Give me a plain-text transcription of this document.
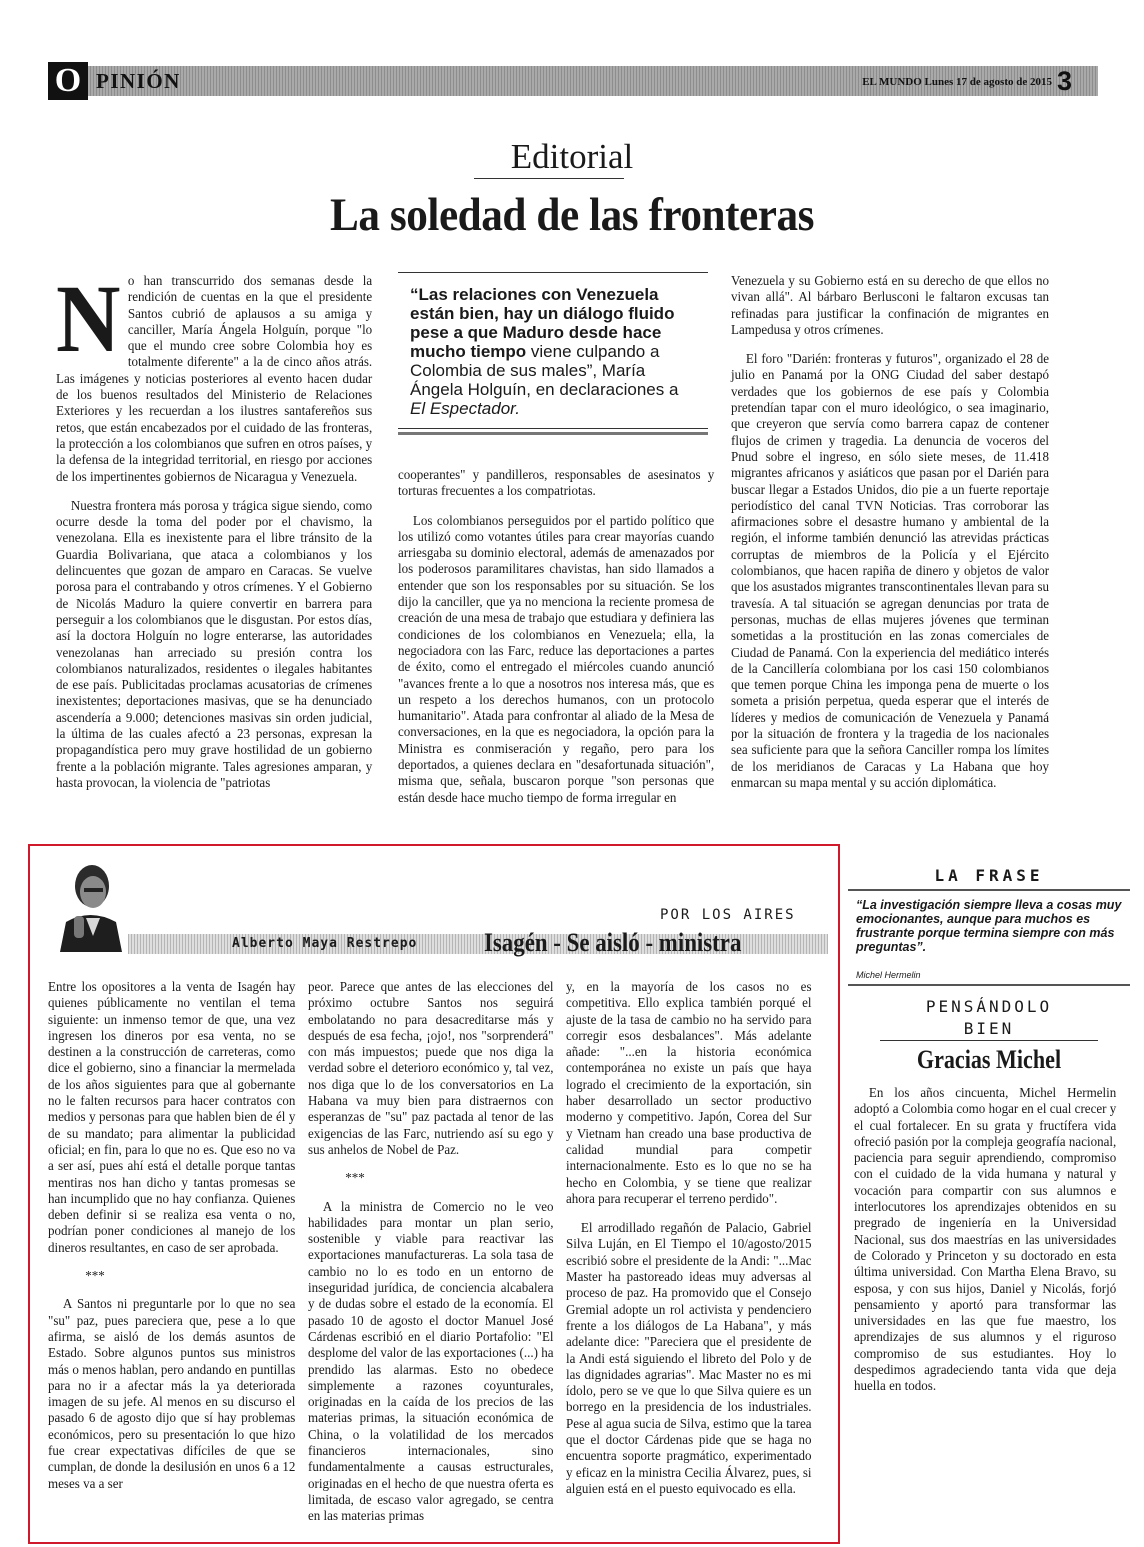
O PINIÓN	EL MUNDO Lunes 17 de agosto de 2015 3
Editorial
La soledad de las fronteras

No han transcurrido dos semanas desde la rendición de cuentas en la que el presidente Santos cubrió de aplausos a su amiga y canciller, María Ángela Holguín, porque "lo que el mundo cree sobre Colombia hoy es totalmente diferente" a la de cinco años atrás. Las imágenes y noticias posteriores al evento hacen dudar de los buenos resultados del Ministerio de Relaciones Exteriores y les recuerdan a los ilustres santafereños sus retos, que están encabezados por el cuidado de las fronteras, la protección a los colombianos que sufren en otros países, y la defensa de la integridad territorial, en riesgo por acciones de los impertinentes gobiernos de Nicaragua y Venezuela.

Nuestra frontera más porosa y trágica sigue siendo, como ocurre desde la toma del poder por el chavismo, la venezolana. Ella es inexistente para el libre tránsito de la Guardia Bolivariana, que ataca a colombianos y los delincuentes que gozan de amparo en Caracas. Se vuelve porosa para el contrabando y otros crímenes. Y el Gobierno de Nicolás Maduro la quiere convertir en barrera para perseguir a los colombianos que le disgustan. Por estos días, así la doctora Holguín no logre enterarse, las autoridades venezolanas han arreciado su presión contra los colombianos naturalizados, residentes o ilegales habitantes de ese país. Publicitadas proclamas acusatorias de crímenes inexistentes; deportaciones masivas, que se ha denunciado ascendería a 9.000; detenciones masivas sin orden judicial, la última de las cuales afectó a 23 personas, expresan la propagandística pero muy grave hostilidad de un gobierno frente a la población migrante. Tales agresiones amparan, y hasta provocan, la violencia de "patriotas

“Las relaciones con Venezuela están bien, hay un diálogo fluido pese a que Maduro desde hace mucho tiempo viene culpando a Colombia de sus males”, María Ángela Holguín, en declaraciones a El Espectador.

cooperantes" y pandilleros, responsables de asesinatos y torturas frecuentes a los compatriotas.

Los colombianos perseguidos por el partido político que los utilizó como votantes útiles para crear mayorías cuando arriesgaba su dominio electoral, además de amenazados por los poderosos paramilitares chavistas, han sido llamados a entender que son los responsables por su situación. Se los dijo la canciller, que ya no menciona la reciente promesa de creación de una mesa de trabajo que estudiara y definiera las condiciones de los colombianos en Venezuela; ella, la negociadora con las Farc, reduce las deportaciones a partes de éxito, como el entregado el miércoles cuando anunció "avances frente a lo que a nosotros nos interesa más, que es un respeto a los derechos humanos, con un protocolo humanitario". Atada para confrontar al aliado de la Mesa de conversaciones, en la que es negociadora, la opción para la Ministra es conmiseración y regaño, pero para los deportados, a quienes declara en "desafortunada situación", misma que, señala, buscaron porque "son personas que están desde hace mucho tiempo de forma irregular en

Venezuela y su Gobierno está en su derecho de que ellos no vivan allá". Al bárbaro Berlusconi le faltaron excusas tan refinadas para justificar la confinación de migrantes en Lampedusa y otros crímenes.

El foro "Darién: fronteras y futuros", organizado el 28 de julio en Panamá por la ONG Ciudad del saber destapó verdades que los gobiernos de ese país y Colombia pretendían tapar con el muro ideológico, o sea imaginario, que creyeron que servía como barrera capaz de contener flujos de crimen y tragedia. La denuncia de voceros del Pnud sobre el ingreso, en sólo siete meses, de 11.418 migrantes africanos y asiáticos que pasan por el Darién para buscar llegar a Estados Unidos, dio pie a un fuerte reportaje periodístico del canal TVN Noticias. Tras corroborar las afirmaciones sobre el desastre humano y ambiental de la región, el informe también denunció las atrevidas prácticas corruptas de miembros de la Policía y el Ejército colombianos, que hacen rapiña de dinero y objetos de valor que los asustados migrantes transcontinentales llevan para su travesía. A tal situación se agregan denuncias por trata de personas, muchas de ellas mujeres jóvenes que terminan sometidas a la prostitución en las zonas comerciales de Ciudad de Panamá. Con la experiencia del mediático interés de la Cancillería colombiana por los casi 150 colombianos que temen porque China les imponga pena de muerte o los someta a prisión perpetua, queda esperar que el interés de líderes y medios de comunicación de Venezuela y Panamá por la situación de frontera y la tragedia de los nacionales sea suficiente para que la señora Canciller rompa los límites de los meridianos de Caracas y La Habana que hoy enmarcan su mapa mental y su acción diplomática.

POR LOS AIRES
Alberto Maya Restrepo	Isagén - Se aisló - ministra

Entre los opositores a la venta de Isagén hay quienes públicamente no ventilan el tema siguiente: un inmenso temor de que, una vez ingresen los dineros por esa venta, no se destinen a la construcción de carreteras, como dice el gobierno, sino a financiar la mermelada de los años siguientes para que al gobernante no le falten recursos para hacer contratos con medios y personas para que hablen bien de él y de su mandato; para alimentar la publicidad oficial; en fin, para lo que no es. Que eso no va a ser así, pues ahí está el detalle porque tantas mentiras nos han dicho y tantas promesas se han incumplido que no hay confianza. Quienes deben definir si se realiza esa venta o no, podrían poner condiciones al manejo de los dineros resultantes, en caso de ser aprobada.

***

A Santos ni preguntarle por lo que no sea "su" paz, pues pareciera que, pese a lo que afirma, se aisló de los demás asuntos de Estado. Sobre algunos puntos sus ministros más o menos hablan, pero andando en puntillas para no ir a afectar más la ya deteriorada imagen de su jefe. Al menos en su discurso el pasado 6 de agosto dijo que sí hay problemas económicos, pero su presentación lo que hizo fue crear expectativas difíciles de que se cumplan, de donde la desilusión en unos 6 a 12 meses va a ser

peor. Parece que antes de las elecciones del próximo octubre Santos nos seguirá embolatando no para desacreditarse más y después de esa fecha, ¡ojo!, nos "sorprenderá" con más impuestos; puede que nos diga la verdad sobre el deterioro económico y, tal vez, nos diga que lo de los conversatorios en La Habana va muy bien para distraernos con esperanzas de "su" paz pactada al tenor de las exigencias de las Farc, nutriendo así su ego y sus anhelos de Nobel de Paz.

***

A la ministra de Comercio no le veo habilidades para montar un plan serio, sostenible y viable para reactivar las exportaciones manufactureras. La sola tasa de cambio no lo es todo en un entorno de inseguridad jurídica, de conciencia alcabalera y de dudas sobre el estado de la economía. El pasado 10 de agosto el doctor Manuel José Cárdenas escribió en el diario Portafolio: "El desplome del valor de las exportaciones (...) ha prendido las alarmas. Esto no obedece simplemente a razones coyunturales, originadas en la caída de los precios de las materias primas, la situación económica de China, o la volatilidad de los mercados financieros internacionales, sino fundamentalmente a causas estructurales, originadas en el hecho de que nuestra oferta es limitada, de escaso valor agregado, se centra en las materias primas

y, en la mayoría de los casos no es competitiva. Ello explica también porqué el ajuste de la tasa de cambio no ha servido para corregir esos desbalances". Más adelante añade: "...en la historia económica contemporánea no existe un país que haya logrado el crecimiento de la exportación, sin haber desarrollado un sector productivo moderno y competitivo. Japón, Corea del Sur y Vietnam han creado una base productiva de calidad mundial para competir internacionalmente. Esto es lo que no se ha hecho en Colombia, y se tiene que realizar ahora para recuperar el terreno perdido".

El arrodillado regañón de Palacio, Gabriel Silva Luján, en El Tiempo el 10/agosto/2015 escribió sobre el presidente de la Andi: "...Mac Master ha pastoreado ideas muy adversas al proceso de paz. Ha promovido que el Consejo Gremial adopte un rol activista y pendenciero frente a los diálogos de La Habana", y más adelante dice: "Pareciera que el presidente de la Andi está siguiendo el libreto del Polo y de las dignidades agrarias". Mac Master no es mi ídolo, pero se ve que lo que Silva quiere es un borrego en la presidencia de los industriales. Pese al agua sucia de Silva, estimo que la tarea que el doctor Cárdenas pide que se haga no encuentra soporte pragmático, experimentado y eficaz en la ministra Cecilia Álvarez, pues, si alguien está en el puesto equivocado es ella.

LA FRASE
“La investigación siempre lleva a cosas muy emocionantes, aunque para muchos es frustrante porque termina siempre con más preguntas”.
Michel Hermelin
PENSÁNDOLO
BIEN
Gracias Michel

En los años cincuenta, Michel Hermelin adoptó a Colombia como hogar en el cual crecer y el cual fortalecer. En su grata y fructífera vida ofreció pasión por la compleja geografía nacional, paciencia para seguir aprendiendo, compromiso con el cuidado de la vida humana y natural y vocación para compartir con sus alumnos e interlocutores los aprendizajes obtenidos en su pregrado de ingeniería en la Universidad Nacional, sus dos maestrías en las universidades de Colorado y Princeton y su doctorado en esta última universidad. Con Martha Elena Bravo, su esposa, y con sus hijos, Daniel y Nicolás, forjó pensamiento y aportó para transformar las universidades en las que fue maestro, los aprendizajes de sus alumnos y el riguroso compromiso de sus estudiantes. Hoy lo despedimos agradeciendo tanta vida que deja huella en todos.
